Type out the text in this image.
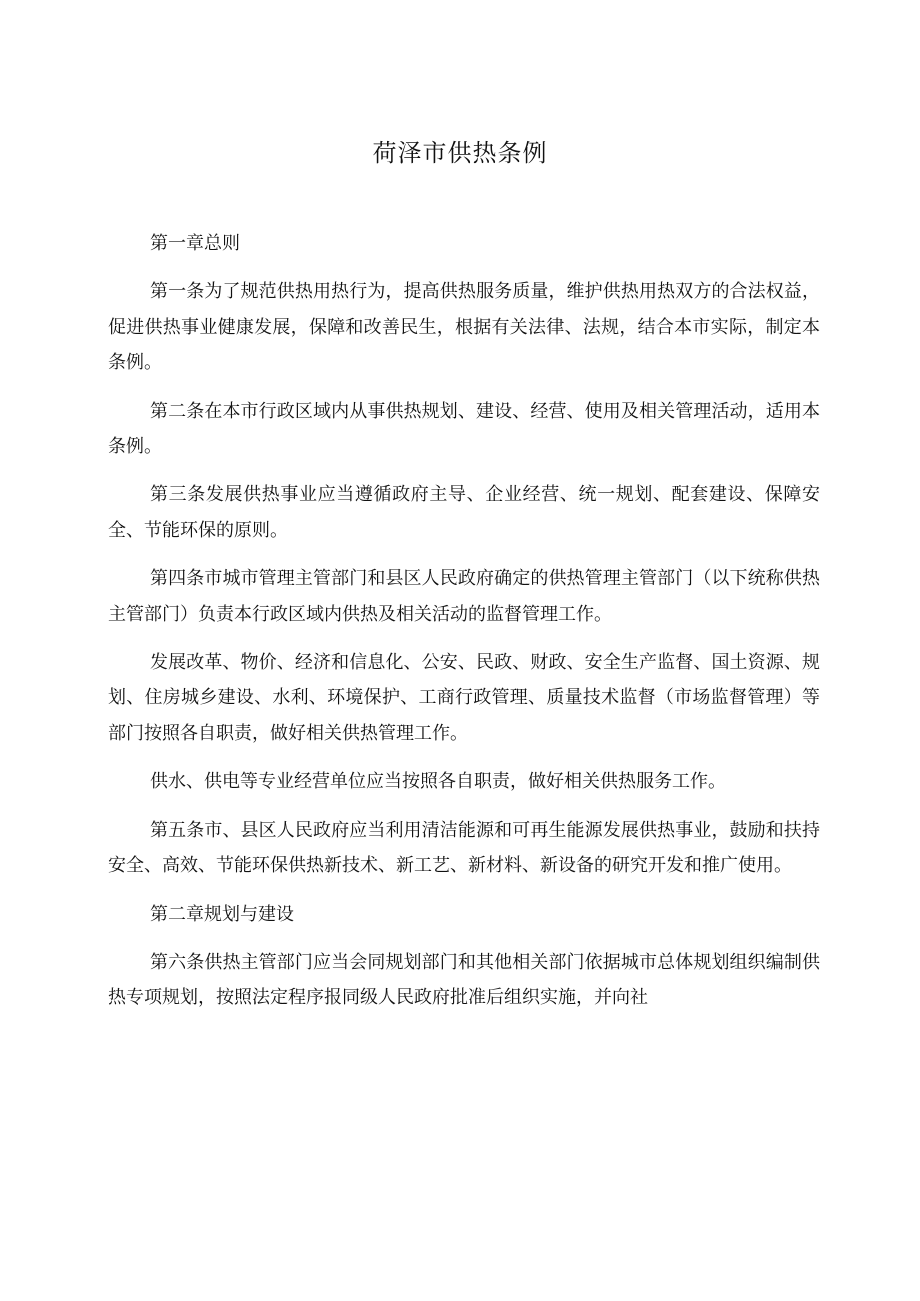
荷泽市供热条例

第一章总则

第一条为了规范供热用热行为，提高供热服务质量，维护供热用热双方的合法权益，促进供热事业健康发展，保障和改善民生，根据有关法律、法规，结合本市实际，制定本条例。

第二条在本市行政区域内从事供热规划、建设、经营、使用及相关管理活动，适用本条例。

第三条发展供热事业应当遵循政府主导、企业经营、统一规划、配套建设、保障安全、节能环保的原则。

第四条市城市管理主管部门和县区人民政府确定的供热管理主管部门（以下统称供热主管部门）负责本行政区域内供热及相关活动的监督管理工作。

发展改革、物价、经济和信息化、公安、民政、财政、安全生产监督、国土资源、规划、住房城乡建设、水利、环境保护、工商行政管理、质量技术监督（市场监督管理）等部门按照各自职责，做好相关供热管理工作。

供水、供电等专业经营单位应当按照各自职责，做好相关供热服务工作。

第五条市、县区人民政府应当利用清洁能源和可再生能源发展供热事业，鼓励和扶持安全、高效、节能环保供热新技术、新工艺、新材料、新设备的研究开发和推广使用。

第二章规划与建设

第六条供热主管部门应当会同规划部门和其他相关部门依据城市总体规划组织编制供热专项规划，按照法定程序报同级人民政府批准后组织实施，并向社
